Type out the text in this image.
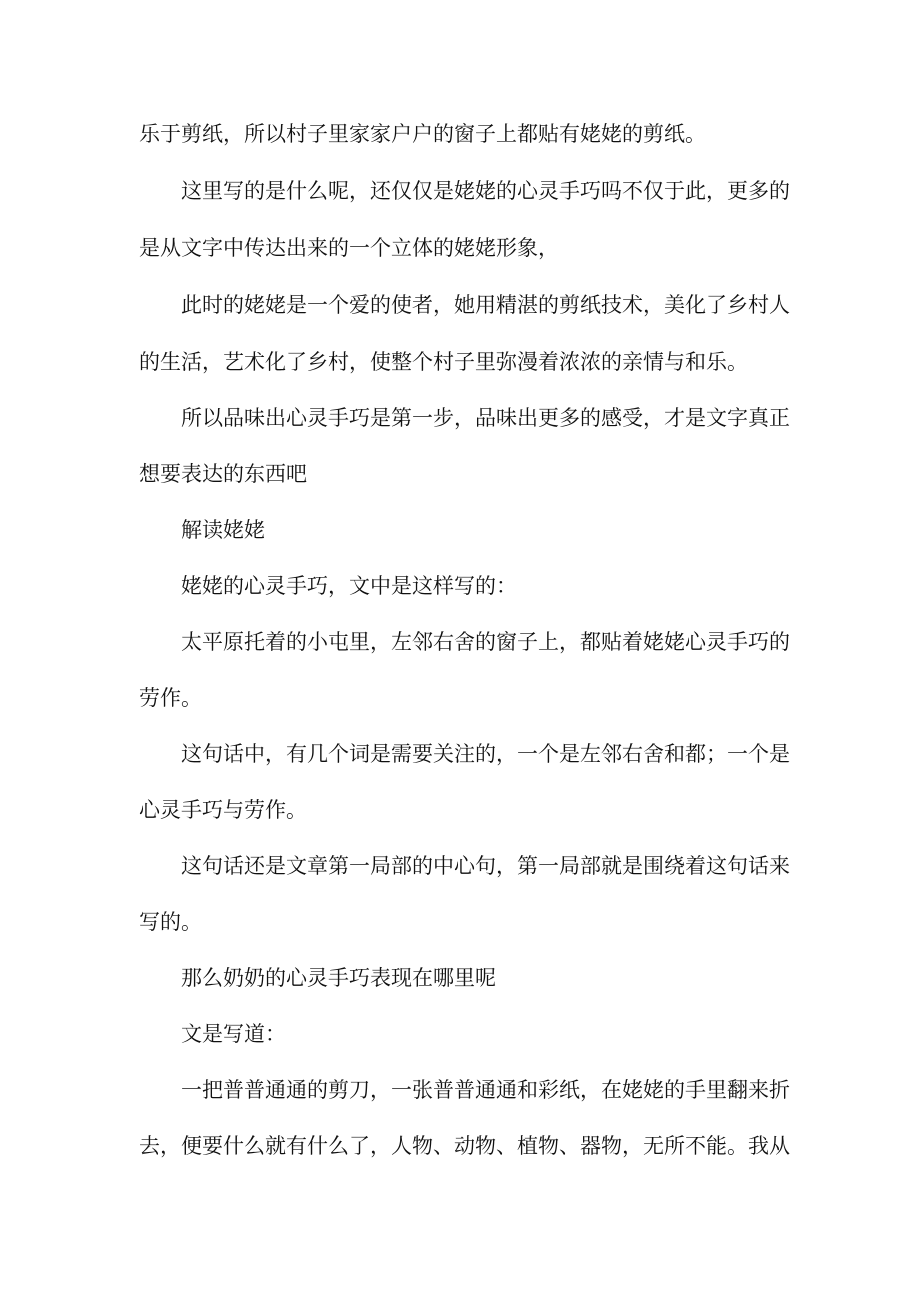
乐于剪纸，所以村子里家家户户的窗子上都贴有姥姥的剪纸。

这里写的是什么呢，还仅仅是姥姥的心灵手巧吗不仅于此，更多的

是从文字中传达出来的一个立体的姥姥形象，

此时的姥姥是一个爱的使者，她用精湛的剪纸技术，美化了乡村人

的生活，艺术化了乡村，使整个村子里弥漫着浓浓的亲情与和乐。

所以品味出心灵手巧是第一步，品味出更多的感受，才是文字真正

想要表达的东西吧

解读姥姥

姥姥的心灵手巧，文中是这样写的：

太平原托着的小屯里，左邻右舍的窗子上，都贴着姥姥心灵手巧的

劳作。

这句话中，有几个词是需要关注的，一个是左邻右舍和都；一个是

心灵手巧与劳作。

这句话还是文章第一局部的中心句，第一局部就是围绕着这句话来

写的。

那么奶奶的心灵手巧表现在哪里呢

文是写道：

一把普普通通的剪刀，一张普普通通和彩纸，在姥姥的手里翻来折

去，便要什么就有什么了，人物、动物、植物、器物，无所不能。我从
